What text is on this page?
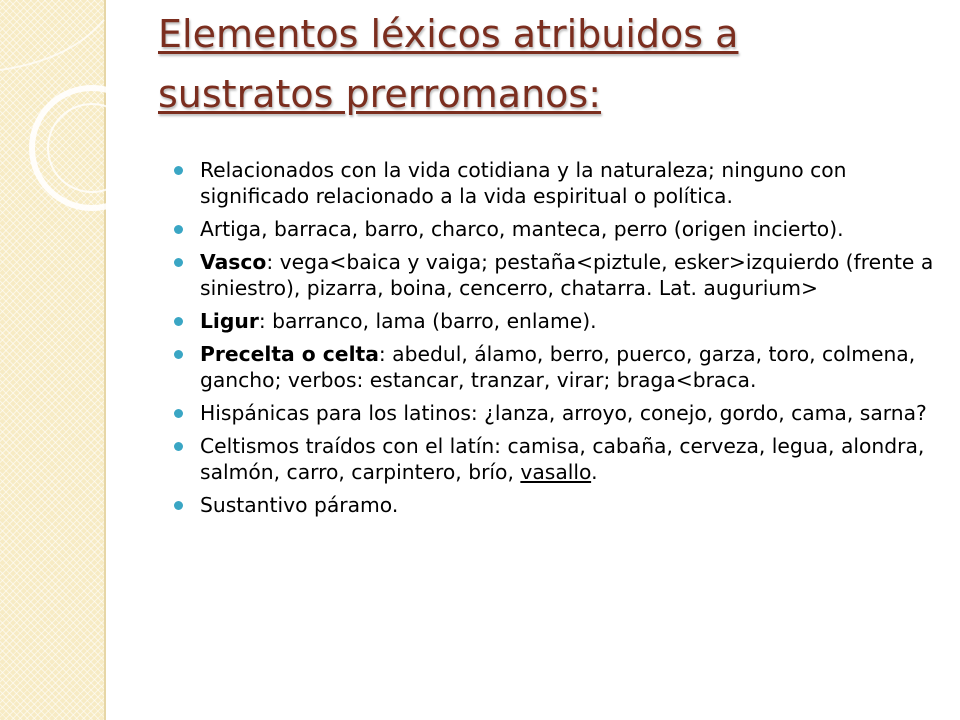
Elementos léxicos atribuidos a
sustratos prerromanos:
Relacionados con la vida cotidiana y la naturaleza; ninguno con significado relacionado a la vida espiritual o política.
Artiga, barraca, barro, charco, manteca, perro (origen incierto).
Vasco: vega<baica y vaiga; pestaña<piztule, esker>izquierdo (frente a siniestro), pizarra, boina, cencerro, chatarra. Lat. augurium>
Ligur: barranco, lama (barro, enlame).
Precelta o celta: abedul, álamo, berro, puerco, garza, toro, colmena, gancho; verbos: estancar, tranzar, virar; braga<braca.
Hispánicas para los latinos: ¿lanza, arroyo, conejo, gordo, cama, sarna?
Celtismos traídos con el latín: camisa, cabaña, cerveza, legua, alondra, salmón, carro, carpintero, brío, vasallo.
Sustantivo páramo.
